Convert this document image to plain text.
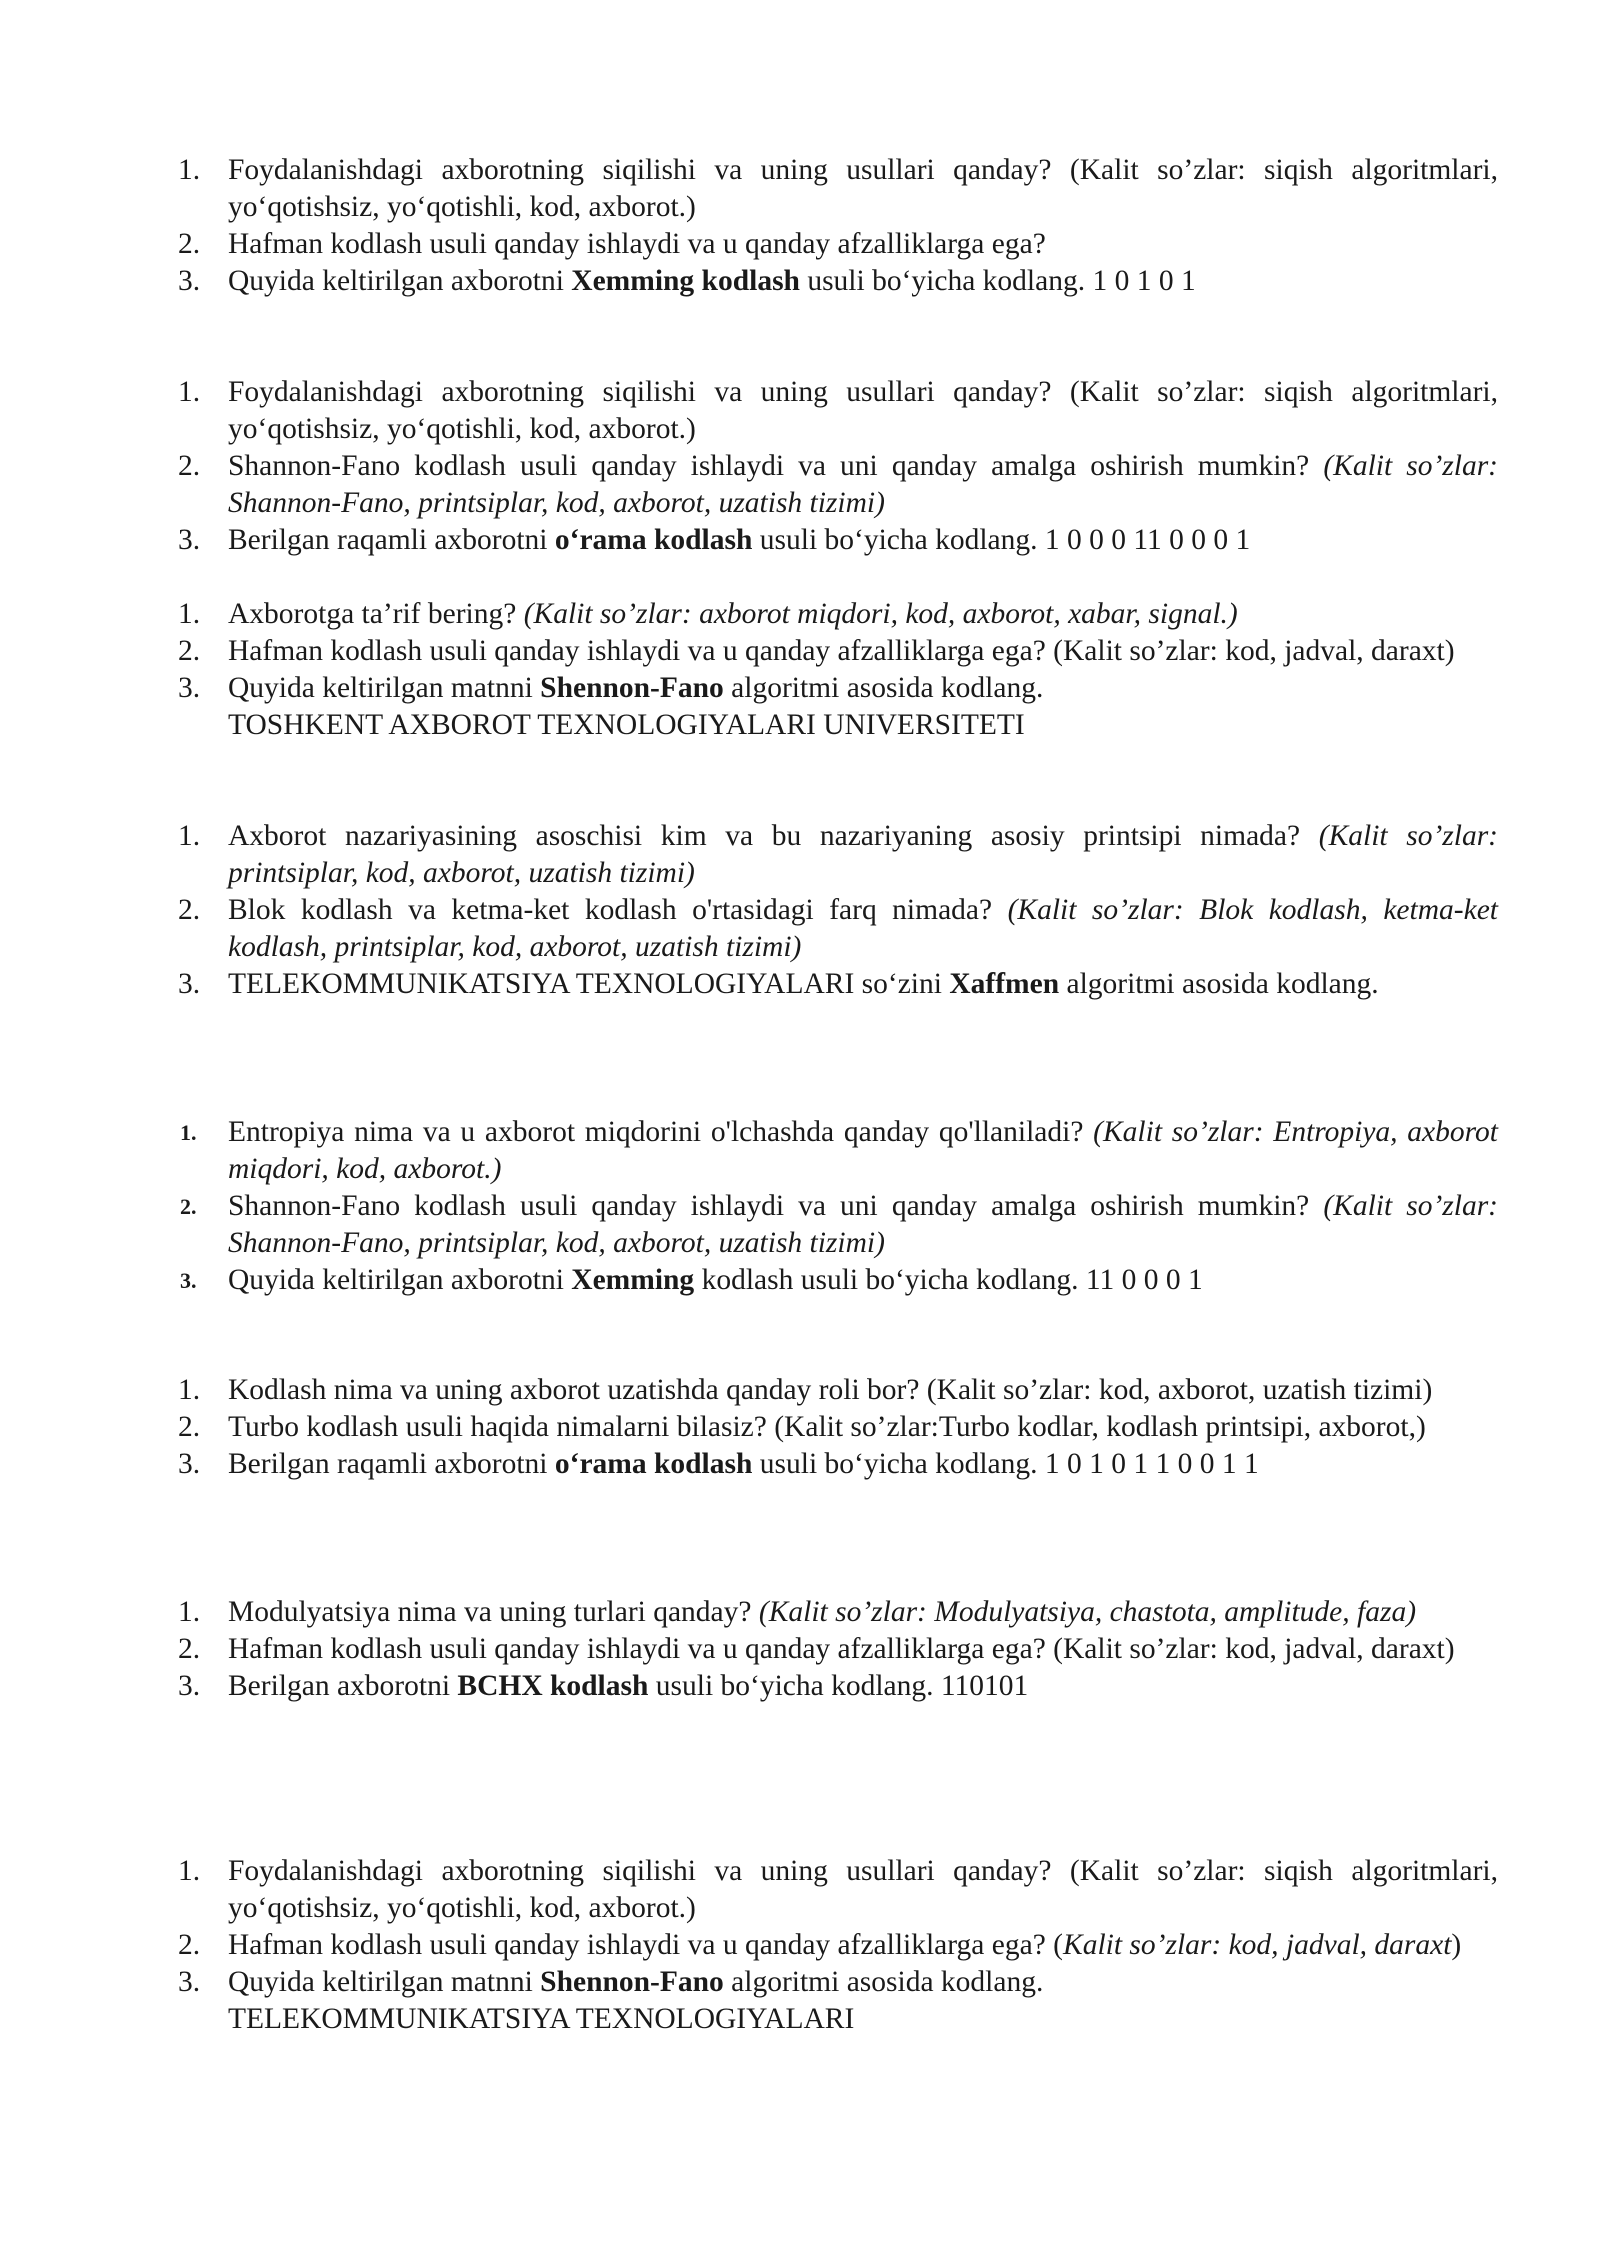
1. Foydalanishdagi axborotning siqilishi va uning usullari qanday? (Kalit so’zlar: siqish algoritmlari, yo‘qotishsiz, yo‘qotishli, kod, axborot.)
2. Hafman kodlash usuli qanday ishlaydi va u qanday afzalliklarga ega?
3. Quyida keltirilgan axborotni Xemming kodlash usuli bo‘yicha kodlang. 1 0 1 0 1
1. Foydalanishdagi axborotning siqilishi va uning usullari qanday? (Kalit so’zlar: siqish algoritmlari, yo‘qotishsiz, yo‘qotishli, kod, axborot.)
2. Shannon-Fano kodlash usuli qanday ishlaydi va uni qanday amalga oshirish mumkin? (Kalit so’zlar: Shannon-Fano, printsiplar, kod, axborot, uzatish tizimi)
3. Berilgan raqamli axborotni o‘rama kodlash usuli bo‘yicha kodlang. 1 0 0 0 11 0 0 0 1
1. Axborotga ta’rif bering? (Kalit so’zlar: axborot miqdori, kod, axborot, xabar, signal.)
2. Hafman kodlash usuli qanday ishlaydi va u qanday afzalliklarga ega? (Kalit so’zlar: kod, jadval, daraxt)
3. Quyida keltirilgan matnni Shennon-Fano algoritmi asosida kodlang.
TOSHKENT AXBOROT TEXNOLOGIYALARI UNIVERSITETI
1. Axborot nazariyasining asoschisi kim va bu nazariyaning asosiy printsipi nimada? (Kalit so’zlar: printsiplar, kod, axborot, uzatish tizimi)
2. Blok kodlash va ketma-ket kodlash o'rtasidagi farq nimada? (Kalit so’zlar: Blok kodlash, ketma-ket kodlash, printsiplar, kod, axborot, uzatish tizimi)
3. TELEKOMMUNIKATSIYA TEXNOLOGIYALARI so‘zini Xaffmen algoritmi asosida kodlang.
1.	Entropiya nima va u axborot miqdorini o'lchashda qanday qo'llaniladi? (Kalit so’zlar: Entropiya, axborot miqdori, kod, axborot.)
2.	Shannon-Fano kodlash usuli qanday ishlaydi va uni qanday amalga oshirish mumkin? (Kalit so’zlar: Shannon-Fano, printsiplar, kod, axborot, uzatish tizimi)
3.	Quyida keltirilgan axborotni Xemming kodlash usuli bo‘yicha kodlang. 11 0 0 0 1
1. Kodlash nima va uning axborot uzatishda qanday roli bor? (Kalit so’zlar: kod, axborot, uzatish tizimi)
2. Turbo kodlash usuli haqida nimalarni bilasiz? (Kalit so’zlar:Turbo kodlar, kodlash printsipi, axborot,)
3. Berilgan raqamli axborotni o‘rama kodlash usuli bo‘yicha kodlang. 1 0 1 0 1 1 0 0 1 1
1. Modulyatsiya nima va uning turlari qanday? (Kalit so’zlar: Modulyatsiya, chastota, amplitude, faza)
2. Hafman kodlash usuli qanday ishlaydi va u qanday afzalliklarga ega? (Kalit so’zlar: kod, jadval, daraxt)
3. Berilgan axborotni BCHX kodlash usuli bo‘yicha kodlang. 110101
1. Foydalanishdagi axborotning siqilishi va uning usullari qanday? (Kalit so’zlar: siqish algoritmlari, yo‘qotishsiz, yo‘qotishli, kod, axborot.)
2. Hafman kodlash usuli qanday ishlaydi va u qanday afzalliklarga ega? (Kalit so’zlar: kod, jadval, daraxt)
3. Quyida keltirilgan matnni Shennon-Fano algoritmi asosida kodlang.
TELEKOMMUNIKATSIYA TEXNOLOGIYALARI
